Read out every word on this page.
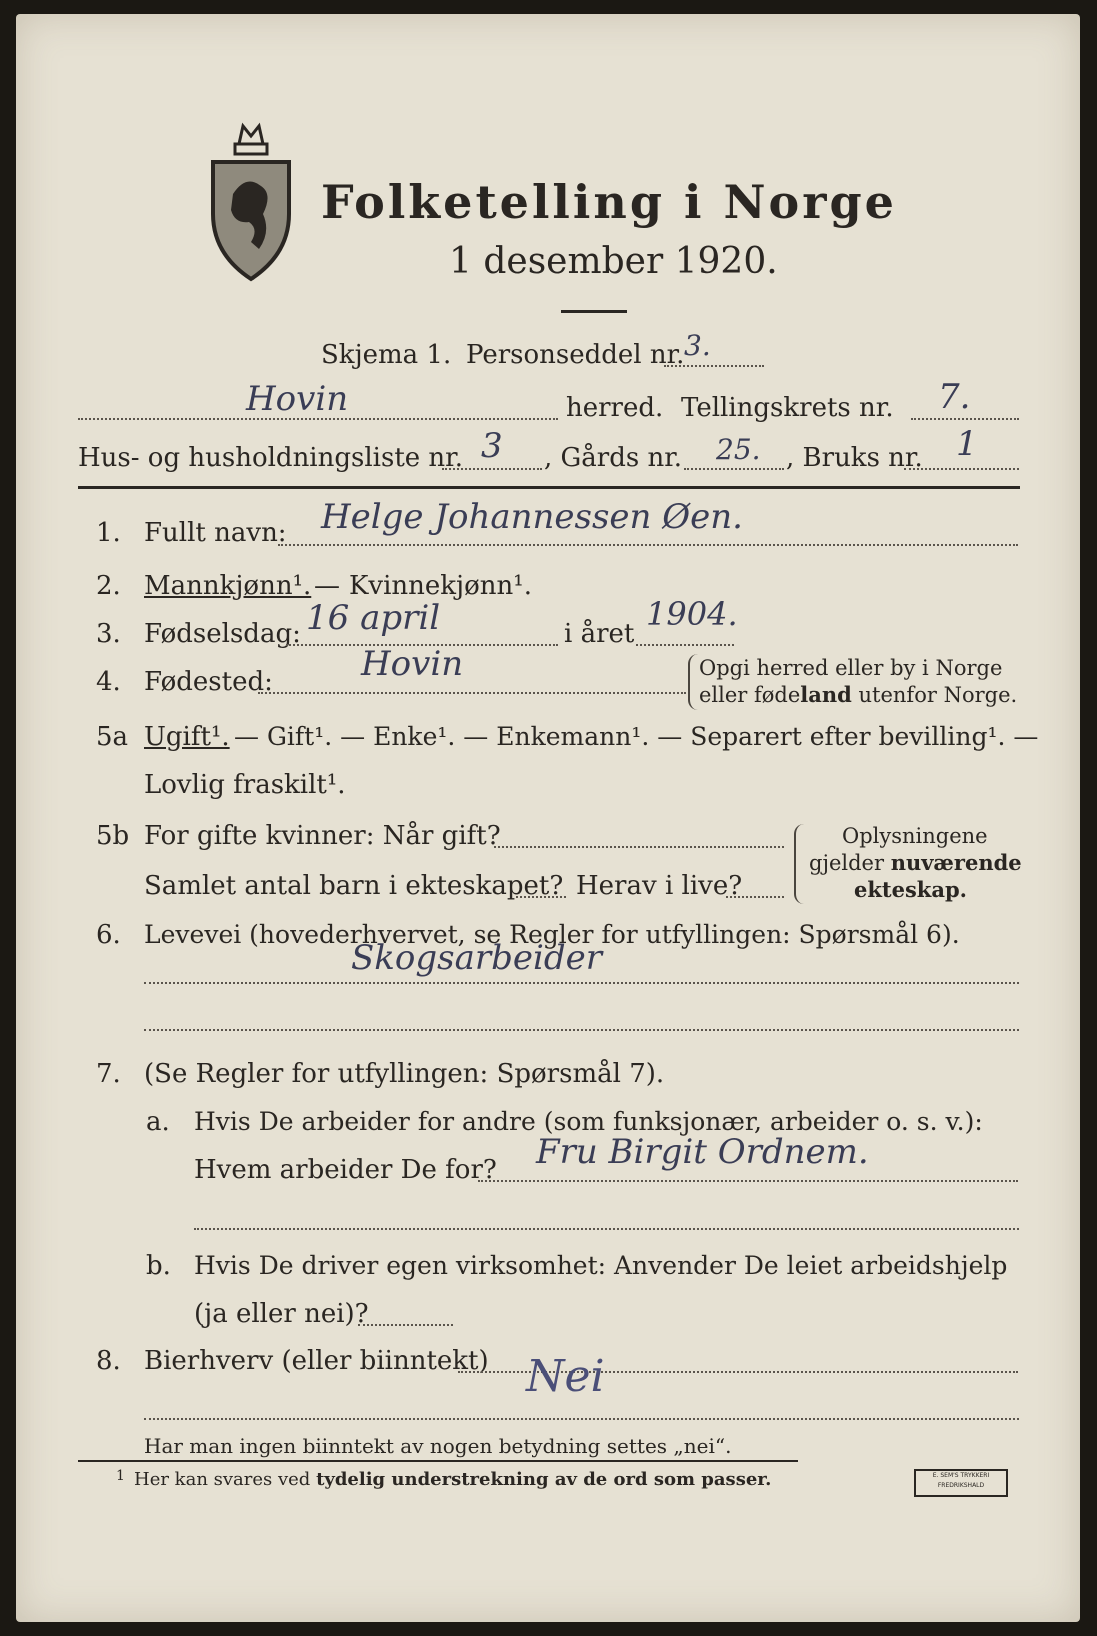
Folketelling i Norge
1 desember 1920.
Skjema 1. Personseddel nr. 3.
Hovin	herred. Tellingskrets nr. 7.
Hus- og husholdningsliste nr. 3 , Gårds nr. 25. , Bruks nr. 1
1. Fullt navn: Helge Johannessen Øen.
2. Mannkjønn¹. — Kvinnekjønn¹.
3. Fødselsdag: 16 april	i året
1904.
4. Fødested:	Hovin	Opgi herred eller by i Norge
eller fødeland utenfor Norge.
5a Ugift¹. — Gift¹. — Enke¹. — Enkemann¹. — Separert efter bevilling¹. —
Lovlig fraskilt¹.
5b For gifte kvinner: Når gift?
Samlet antal barn i ekteskapet? Herav i live?
Oplysningene
gjelder nuværende
ekteskap.
6. Levevei (hovederhvervet, se Regler for utfyllingen: Spørsmål 6).
Skogsarbeider
7. (Se Regler for utfyllingen: Spørsmål 7).
a. Hvis De arbeider for andre (som funksjonær, arbeider o. s. v.):
Hvem arbeider De for? Fru Birgit Ordnem.
b. Hvis De driver egen virksomhet: Anvender De leiet arbeidshjelp
(ja eller nei)?
8. Bierhverv (eller biinntekt) Nei
Har man ingen biinntekt av nogen betydning settes „nei“.
1 Her kan svares ved tydelig understrekning av de ord som passer.	E. SEM'S TRYKKERI FREDRIKSHALD
